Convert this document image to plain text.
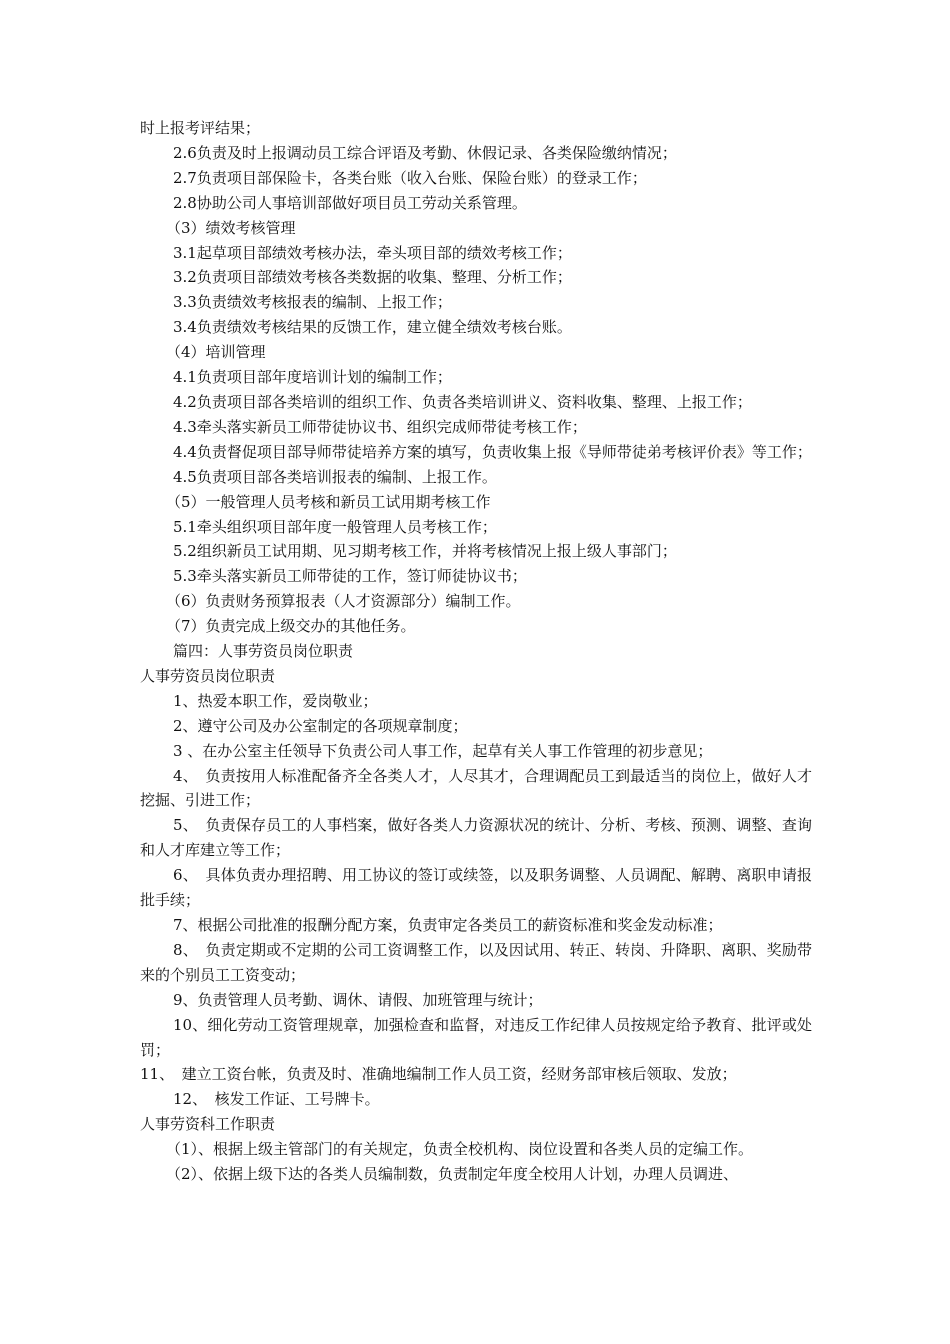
时上报考评结果；

2.6负责及时上报调动员工综合评语及考勤、休假记录、各类保险缴纳情况；

2.7负责项目部保险卡，各类台账（收入台账、保险台账）的登录工作；

2.8协助公司人事培训部做好项目员工劳动关系管理。

（3）绩效考核管理

3.1起草项目部绩效考核办法，牵头项目部的绩效考核工作；

3.2负责项目部绩效考核各类数据的收集、整理、分析工作；

3.3负责绩效考核报表的编制、上报工作；

3.4负责绩效考核结果的反馈工作，建立健全绩效考核台账。

（4）培训管理

4.1负责项目部年度培训计划的编制工作；

4.2负责项目部各类培训的组织工作、负责各类培训讲义、资料收集、整理、上报工作；

4.3牵头落实新员工师带徒协议书、组织完成师带徒考核工作；

4.4负责督促项目部导师带徒培养方案的填写，负责收集上报《导师带徒弟考核评价表》等工作；

4.5负责项目部各类培训报表的编制、上报工作。

（5）一般管理人员考核和新员工试用期考核工作

5.1牵头组织项目部年度一般管理人员考核工作；

5.2组织新员工试用期、见习期考核工作，并将考核情况上报上级人事部门；

5.3牵头落实新员工师带徒的工作，签订师徒协议书；

（6）负责财务预算报表（人才资源部分）编制工作。

（7）负责完成上级交办的其他任务。

篇四：人事劳资员岗位职责

人事劳资员岗位职责

1、热爱本职工作，爱岗敬业；

2、遵守公司及办公室制定的各项规章制度；

3 、在办公室主任领导下负责公司人事工作，起草有关人事工作管理的初步意见；

4、　负责按用人标准配备齐全各类人才，人尽其才，合理调配员工到最适当的岗位上，做好人才挖掘、引进工作；

5、　负责保存员工的人事档案，做好各类人力资源状况的统计、分析、考核、预测、调整、查询和人才库建立等工作；

6、　具体负责办理招聘、用工协议的签订或续签，以及职务调整、人员调配、解聘、离职申请报批手续；

7、根据公司批准的报酬分配方案，负责审定各类员工的薪资标准和奖金发动标准；

8、　负责定期或不定期的公司工资调整工作，以及因试用、转正、转岗、升降职、离职、奖励带来的个别员工工资变动；

9、负责管理人员考勤、调休、请假、加班管理与统计；

10、细化劳动工资管理规章，加强检查和监督，对违反工作纪律人员按规定给予教育、批评或处罚；

11、　建立工资台帐，负责及时、准确地编制工作人员工资，经财务部审核后领取、发放；

12、　核发工作证、工号牌卡。

人事劳资科工作职责

（1）、根据上级主管部门的有关规定，负责全校机构、岗位设置和各类人员的定编工作。

（2）、依据上级下达的各类人员编制数，负责制定年度全校用人计划，办理人员调进、
